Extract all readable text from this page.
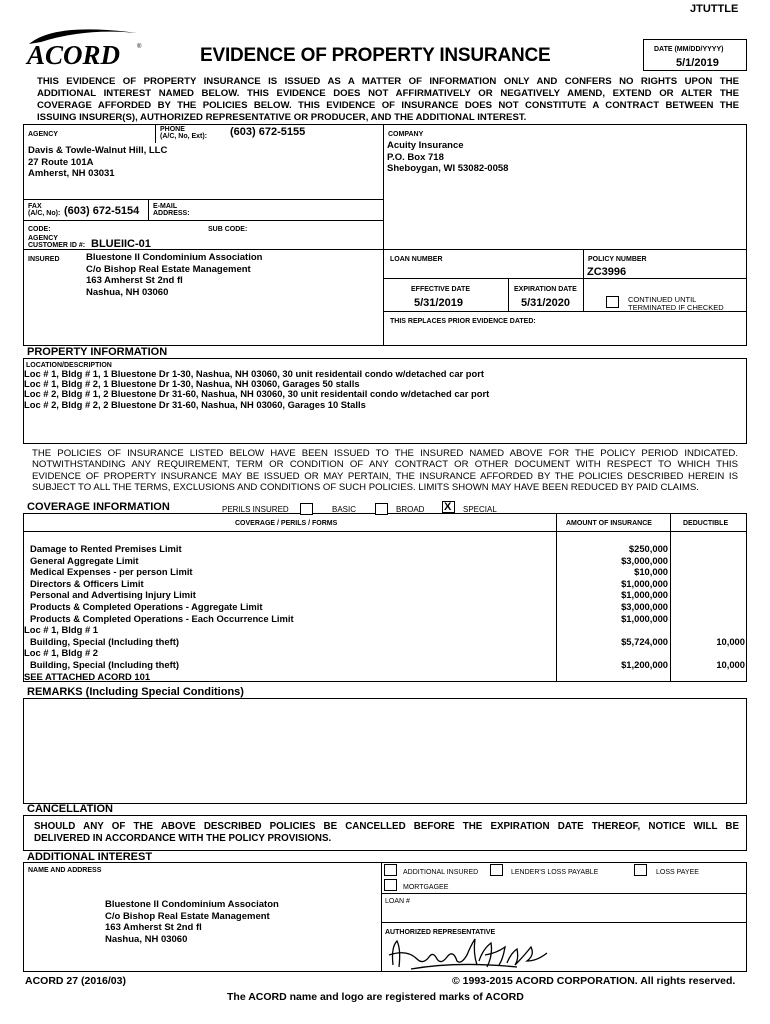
JTUTTLE
ACORD	®	EVIDENCE OF PROPERTY INSURANCE	DATE (MM/DD/YYYY)
5/1/2019
THIS EVIDENCE OF PROPERTY INSURANCE IS ISSUED AS A MATTER OF INFORMATION ONLY AND CONFERS NO RIGHTS UPON THE
ADDITIONAL INTEREST NAMED BELOW. THIS EVIDENCE DOES NOT AFFIRMATIVELY OR NEGATIVELY AMEND, EXTEND OR ALTER THE
COVERAGE AFFORDED BY THE POLICIES BELOW. THIS EVIDENCE OF INSURANCE DOES NOT CONSTITUTE A CONTRACT BETWEEN THE
ISSUING INSURER(S), AUTHORIZED REPRESENTATIVE OR PRODUCER, AND THE ADDITIONAL INTEREST.
AGENCY
PHONE
(A/C, No, Ext): (603) 672-5155
Davis & Towle-Walnut Hill, LLC
27 Route 101A
Amherst, NH 03031
FAX
(A/C, No): (603) 672-5154 E-MAIL
ADDRESS:
CODE:	SUB CODE:
AGENCY
CUSTOMER ID #: BLUEIIC-01
COMPANY
Acuity Insurance
P.O. Box 718
Sheboygan, WI 53082-0058
INSURED	Bluestone II Condominium Association
C/o Bishop Real Estate Management
163 Amherst St 2nd fl
Nashua, NH 03060
LOAN NUMBER	POLICY NUMBER
ZC3996
EFFECTIVE DATE
5/31/2019
EXPIRATION DATE
5/31/2020	CONTINUED UNTIL
TERMINATED IF CHECKED
THIS REPLACES PRIOR EVIDENCE DATED:
PROPERTY INFORMATION
LOCATION/DESCRIPTION
Loc # 1, Bldg # 1, 1 Bluestone Dr 1-30, Nashua, NH 03060, 30 unit residentail condo w/detached car port
Loc # 1, Bldg # 2, 1 Bluestone Dr 1-30, Nashua, NH 03060, Garages 50 stalls
Loc # 2, Bldg # 1, 2 Bluestone Dr 31-60, Nashua, NH 03060, 30 unit residentail condo w/detached car port
Loc # 2, Bldg # 2, 2 Bluestone Dr 31-60, Nashua, NH 03060, Garages 10 Stalls
THE POLICIES OF INSURANCE LISTED BELOW HAVE BEEN ISSUED TO THE INSURED NAMED ABOVE FOR THE POLICY PERIOD INDICATED.
NOTWITHSTANDING ANY REQUIREMENT, TERM OR CONDITION OF ANY CONTRACT OR OTHER DOCUMENT WITH RESPECT TO WHICH THIS
EVIDENCE OF PROPERTY INSURANCE MAY BE ISSUED OR MAY PERTAIN, THE INSURANCE AFFORDED BY THE POLICIES DESCRIBED HEREIN IS
SUBJECT TO ALL THE TERMS, EXCLUSIONS AND CONDITIONS OF SUCH POLICIES. LIMITS SHOWN MAY HAVE BEEN REDUCED BY PAID CLAIMS.
COVERAGE INFORMATION	PERILS INSURED	BASIC	BROAD X SPECIAL
COVERAGE / PERILS / FORMS	AMOUNT OF INSURANCE	DEDUCTIBLE
Damage to Rented Premises Limit	$250,000
General Aggregate Limit	$3,000,000
Medical Expenses - per person Limit	$10,000
Directors & Officers Limit	$1,000,000
Personal and Advertising Injury Limit	$1,000,000
Products & Completed Operations - Aggregate Limit	$3,000,000
Products & Completed Operations - Each Occurrence Limit	$1,000,000
Loc # 1, Bldg # 1
Building, Special (Including theft)	$5,724,000	10,000
Loc # 1, Bldg # 2
Building, Special (Including theft)	$1,200,000	10,000
SEE ATTACHED ACORD 101
REMARKS (Including Special Conditions)
CANCELLATION
SHOULD ANY OF THE ABOVE DESCRIBED POLICIES BE CANCELLED BEFORE THE EXPIRATION DATE THEREOF, NOTICE WILL BE
DELIVERED IN ACCORDANCE WITH THE POLICY PROVISIONS.
ADDITIONAL INTEREST
NAME AND ADDRESS
Bluestone II Condominium Associaton
C/o Bishop Real Estate Management
163 Amherst St 2nd fl
Nashua, NH 03060
ADDITIONAL INSURED	LENDER'S LOSS PAYABLE	LOSS PAYEE
MORTGAGEE
LOAN #
AUTHORIZED REPRESENTATIVE
ACORD 27 (2016/03)	© 1993-2015 ACORD CORPORATION. All rights reserved.
The ACORD name and logo are registered marks of ACORD
